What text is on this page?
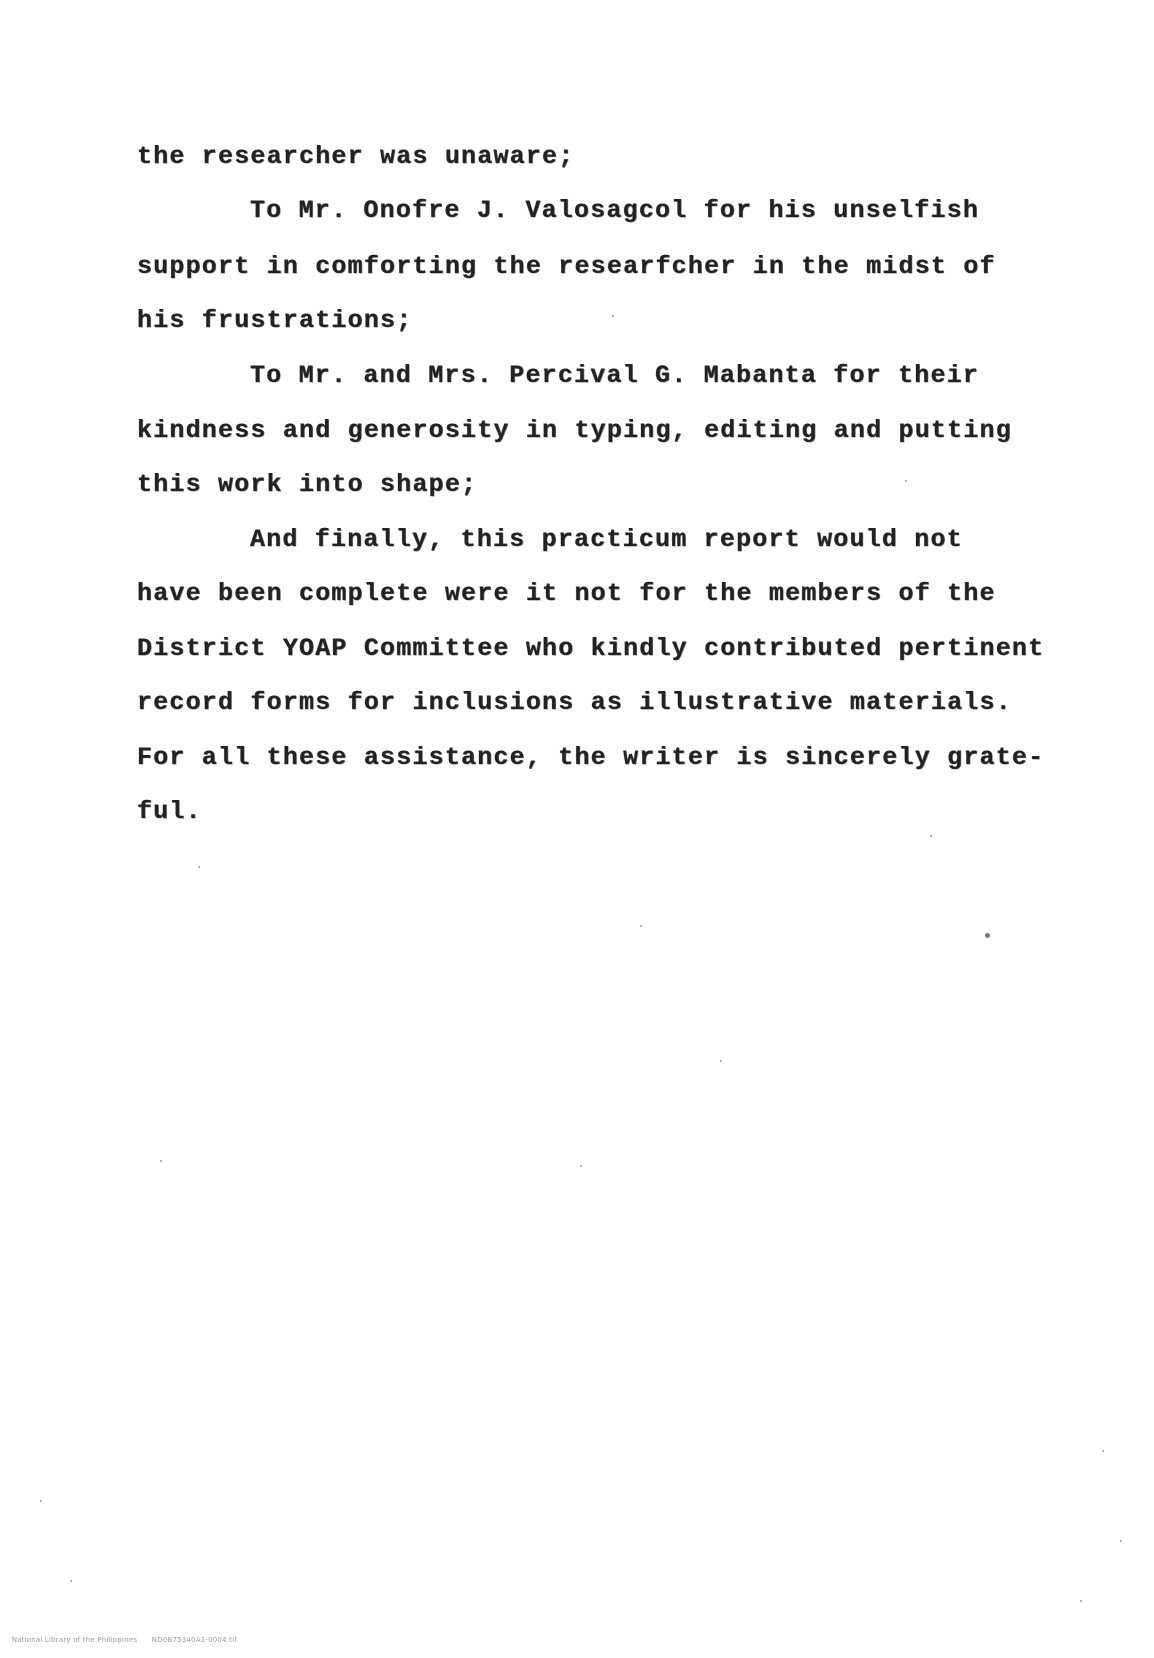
the researcher was unaware;
To Mr. Onofre J. Valosagcol for his unselfish
support in comforting the researfcher in the midst of
his frustrations;
To Mr. and Mrs. Percival G. Mabanta for their
kindness and generosity in typing, editing and putting
this work into shape;
And finally, this practicum report would not
have been complete were it not for the members of the
District YOAP Committee who kindly contributed pertinent
record forms for inclusions as illustrative materials.
For all these assistance, the writer is sincerely grate-
ful.

National Library of the Philippines ND0B75340A1-0004.tif
